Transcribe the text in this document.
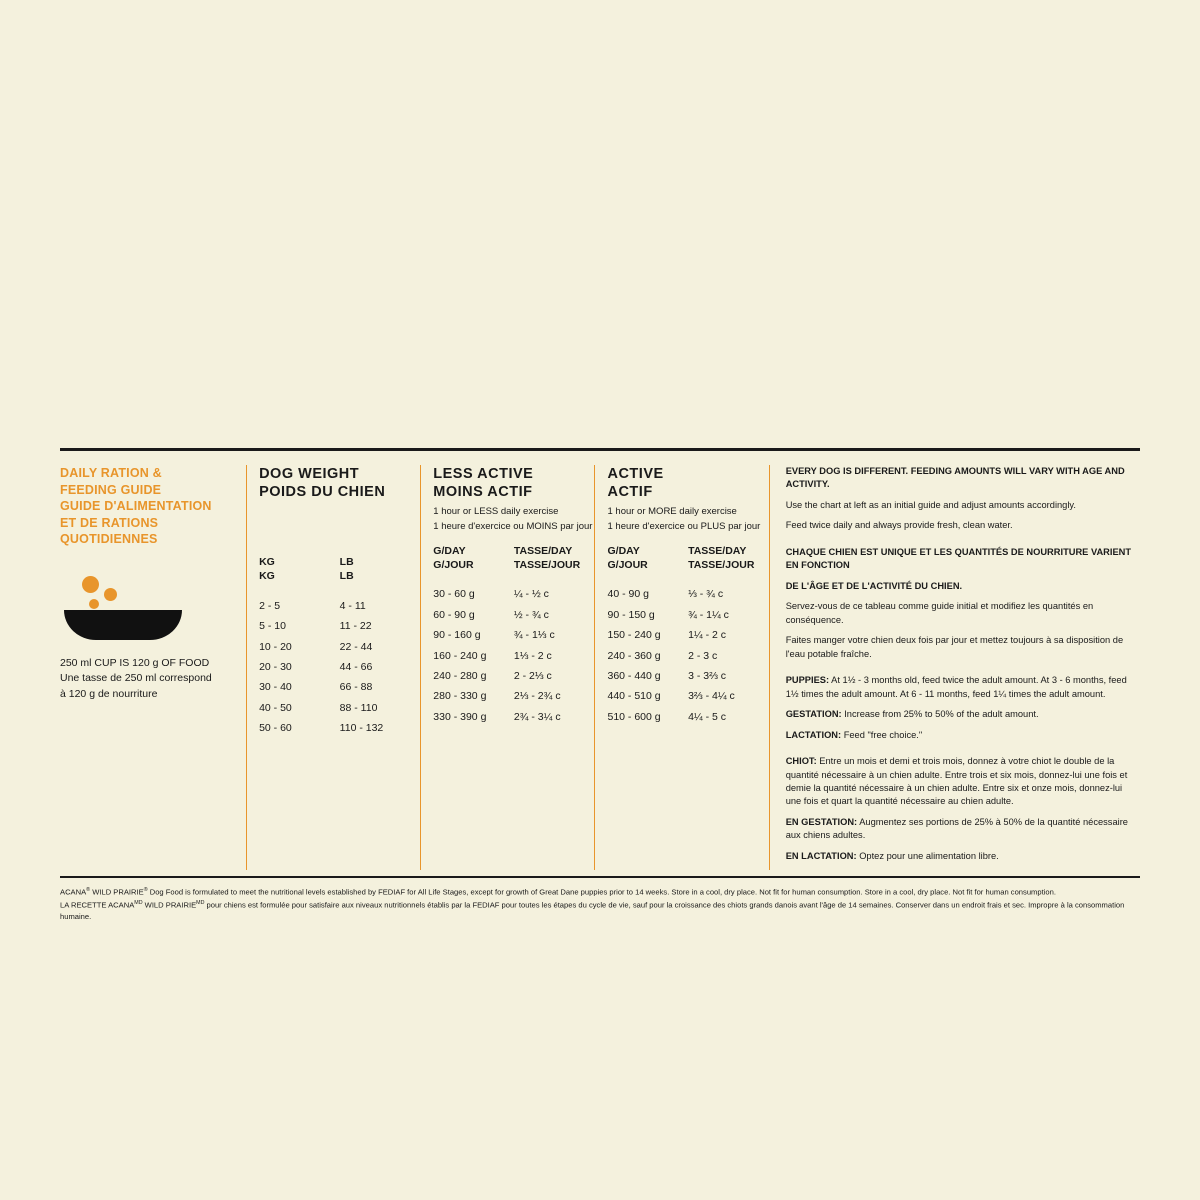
DAILY RATION &
FEEDING GUIDE
GUIDE D'ALIMENTATION
ET DE RATIONS
QUOTIDIENNES
250 ml CUP IS 120 g OF FOOD
Une tasse de 250 ml correspond
à 120 g de nourriture
DOG WEIGHT
POIDS DU CHIEN
KG
KG
LB
LB
2 - 5	4 - 11
5 - 10	11 - 22
10 - 20	22 - 44
20 - 30	44 - 66
30 - 40	66 - 88
40 - 50	88 - 110
50 - 60	110 - 132
LESS ACTIVE
MOINS ACTIF
1 hour or LESS daily exercise
1 heure d'exercice ou MOINS par jour
G/DAY
G/JOUR
TASSE/DAY
TASSE/JOUR
30 - 60 g	¼ - ½ c
60 - 90 g	½ - ¾ c
90 - 160 g	¾ - 1⅓ c
160 - 240 g	1⅓ - 2 c
240 - 280 g	2 - 2⅓ c
280 - 330 g	2⅓ - 2¾ c
330 - 390 g	2¾ - 3¼ c
ACTIVE
ACTIF
1 hour or MORE daily exercise
1 heure d'exercice ou PLUS par jour
G/DAY
G/JOUR
TASSE/DAY
TASSE/JOUR
40 - 90 g	⅓ - ¾ c
90 - 150 g	¾ - 1¼ c
150 - 240 g	1¼ - 2 c
240 - 360 g	2 - 3 c
360 - 440 g	3 - 3⅔ c
440 - 510 g	3⅔ - 4¼ c
510 - 600 g	4¼ - 5 c

EVERY DOG IS DIFFERENT. FEEDING AMOUNTS WILL VARY WITH AGE AND ACTIVITY.

Use the chart at left as an initial guide and adjust amounts accordingly.

Feed twice daily and always provide fresh, clean water.

CHAQUE CHIEN EST UNIQUE ET LES QUANTITÉS DE NOURRITURE VARIENT EN FONCTION

DE L'ÂGE ET DE L'ACTIVITÉ DU CHIEN.

Servez-vous de ce tableau comme guide initial et modifiez les quantités en conséquence.

Faites manger votre chien deux fois par jour et mettez toujours à sa disposition de l'eau potable fraîche.

PUPPIES: At 1½ - 3 months old, feed twice the adult amount. At 3 - 6 months, feed 1½ times the adult amount. At 6 - 11 months, feed 1¼ times the adult amount.

GESTATION: Increase from 25% to 50% of the adult amount.

LACTATION: Feed "free choice."

CHIOT: Entre un mois et demi et trois mois, donnez à votre chiot le double de la quantité nécessaire à un chien adulte. Entre trois et six mois, donnez-lui une fois et demie la quantité nécessaire à un chien adulte. Entre six et onze mois, donnez-lui une fois et quart la quantité nécessaire au chien adulte.

EN GESTATION: Augmentez ses portions de 25% à 50% de la quantité nécessaire aux chiens adultes.

EN LACTATION: Optez pour une alimentation libre.

ACANA® WILD PRAIRIE® Dog Food is formulated to meet the nutritional levels established by FEDIAF for All Life Stages, except for growth of Great Dane puppies prior to 14 weeks. Store in a cool, dry place. Not fit for human consumption. Store in a cool, dry place. Not fit for human consumption.
LA RECETTE $ACANA^{MD}$ WILD $PRAIRIE^{MD}$ pour chiens est formulée pour satisfaire aux niveaux nutritionnels établis par la FEDIAF pour toutes les étapes du cycle de vie, sauf pour la croissance des chiots grands danois avant l'âge de 14 semaines. Conserver dans un endroit frais et sec. Impropre à la consommation humaine.
